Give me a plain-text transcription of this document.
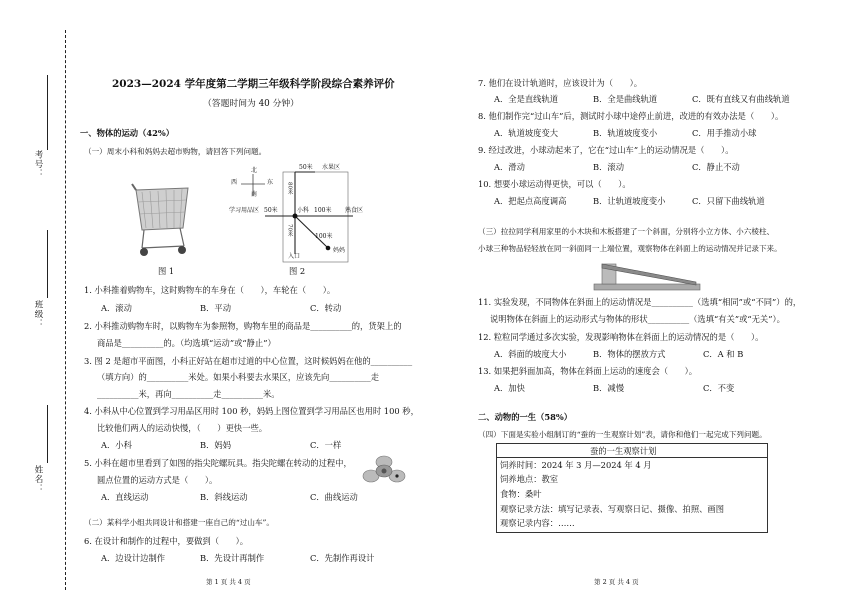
考号：
班级：
姓名：
2023—2024 学年度第二学期三年级科学阶段综合素养评价
（答题时间为 40 分钟）
一、物体的运动（42%）
（一）周末小科和妈妈去超市购物，请回答下列问题。
图 1
北
南
西	东
50米 水果区
80米
学习用品区 50米	小科 100米 熟食区
70米	100米
妈妈
入口
图 2
1. 小科推着购物车，这时购物车的车身在（　　），车轮在（　　）。
A．滚动	B．平动	C．转动
2. 小科推动购物车时，以购物车为参照物，购物车里的商品是__________的，货架上的
商品是__________的。（均选填“运动”或“静止”）
3. 图 2 是超市平面图，小科正好站在超市过道的中心位置，这时候妈妈在他的__________
（填方向）的__________米处。如果小科要去水果区，应该先向__________走
__________米，再向__________走__________米。
4. 小科从中心位置到学习用品区用时 100 秒，妈妈上图位置到学习用品区也用时 100 秒，
比较他们两人的运动快慢，（　　）更快一些。
A．小科	B．妈妈	C．一样
5. 小科在超市里看到了如图的指尖陀螺玩具。指尖陀螺在转动的过程中，
圆点位置的运动方式是（　　）。
A．直线运动	B．斜线运动	C．曲线运动
（二）某科学小组共同设计和搭建一座自己的“过山车”。
6. 在设计和制作的过程中，要做到（　　）。
A．边设计边制作	B．先设计再制作	C．先制作再设计
第 1 页 共 4 页
7. 他们在设计轨道时，应该设计为（　　）。
A．全是直线轨道	B．全是曲线轨道	C．既有直线又有曲线轨道
8. 他们制作完“过山车”后，测试时小球中途停止前进，改进的有效办法是（　　）。
A．轨道坡度变大	B．轨道坡度变小	C．用手推动小球
9. 经过改进，小球动起来了，它在“过山车”上的运动情况是（　　）。
A．滑动	B．滚动	C．静止不动
10. 想要小球运动得更快，可以（　　）。
A．把起点高度调高	B．让轨道坡度变小	C．只留下曲线轨道
（三）拉拉同学利用家里的小木块和木板搭建了一个斜面，分别将小立方体、小六棱柱、
小球三种物品轻轻放在同一斜面同一上端位置，观察物体在斜面上的运动情况并记录下来。
11. 实验发现，不同物体在斜面上的运动情况是__________（选填“相同”或“不同”）的，
说明物体在斜面上的运动形式与物体的形状__________（选填“有关”或“无关”）。
12. 粒粒同学通过多次实验，发现影响物体在斜面上的运动情况的是（　　）。
A．斜面的坡度大小	B．物体的摆放方式	C．A 和 B
13. 如果把斜面加高，物体在斜面上运动的速度会（　　）。
A．加快	B．减慢	C．不变
二、动物的一生（58%）
（四）下面是实验小组制订的“蚕的一生观察计划”表，请你和他们一起完成下列问题。
蚕的一生观察计划
饲养时间：2024 年 3 月—2024 年 4 月
饲养地点：教室
食物：桑叶
观察记录方法：填写记录表、写观察日记、摄像、拍照、画图
观察记录内容：……
第 2 页 共 4 页
